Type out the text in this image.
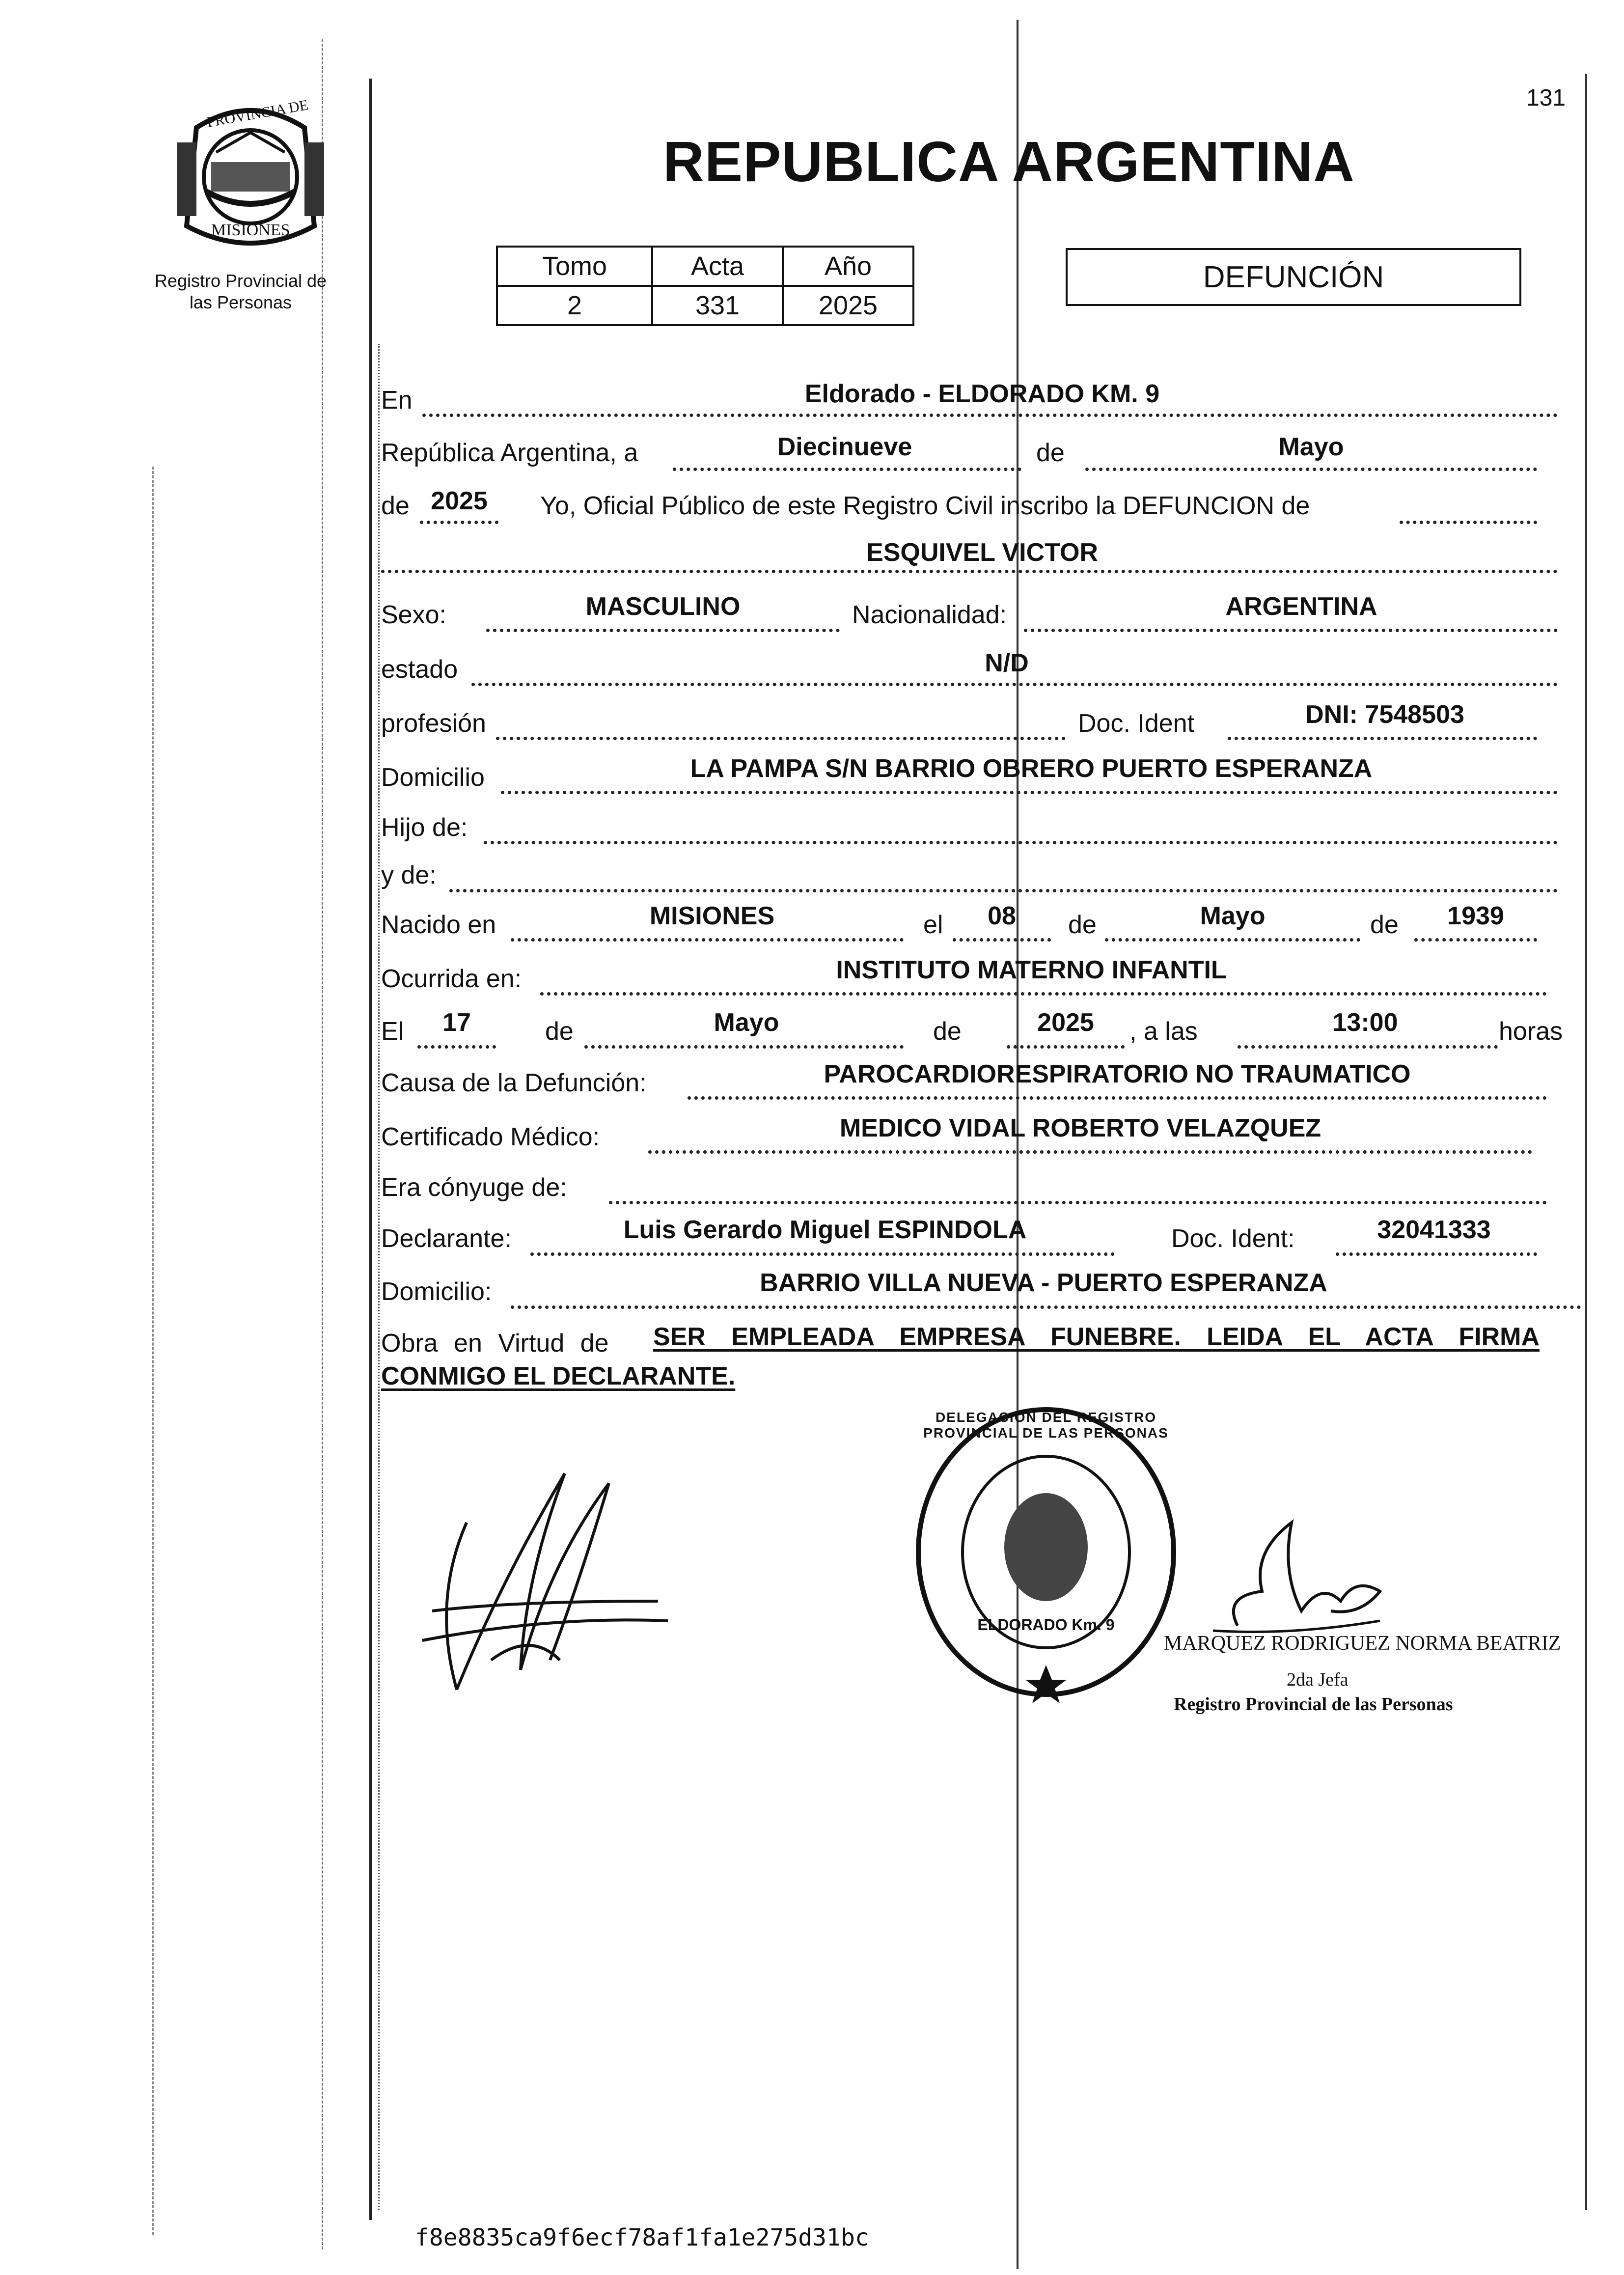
131
PROVINCIA DE
MISIONES
Registro Provincial de
las Personas
REPUBLICA ARGENTINA
Tomo	Acta	Año
2	331	2025
DEFUNCIÓN
En	Eldorado - ELDORADO KM. 9
República Argentina, a	Diecinueve	de	Mayo
de 2025	Yo, Oficial Público de este Registro Civil inscribo la DEFUNCION de
ESQUIVEL VICTOR
Sexo:	MASCULINO	Nacionalidad:	ARGENTINA
estado	N/D
profesión	Doc. Ident	DNI: 7548503
Domicilio	LA PAMPA S/N BARRIO OBRERO PUERTO ESPERANZA
Hijo de:
y de:
Nacido en	MISIONES	el	08	de	Mayo	de	1939
Ocurrida en:	INSTITUTO MATERNO INFANTIL
El	17	de	Mayo	de	2025	, a las	13:00	horas
Causa de la Defunción:	PAROCARDIORESPIRATORIO NO TRAUMATICO
Certificado Médico:	MEDICO VIDAL ROBERTO VELAZQUEZ
Era cónyuge de:
Declarante:	Luis Gerardo Miguel ESPINDOLA	Doc. Ident:	32041333
Domicilio:	BARRIO VILLA NUEVA - PUERTO ESPERANZA
Obra en Virtud de SER EMPLEADA EMPRESA FUNEBRE. LEIDA EL ACTA FIRMA
CONMIGO EL DECLARANTE.
DELEGACION DEL REGISTRO PROVINCIAL DE LAS PERSONAS
ELDORADO Km. 9
MARQUEZ RODRIGUEZ NORMA BEATRIZ
2da Jefa
Registro Provincial de las Personas
f8e8835ca9f6ecf78af1fa1e275d31bc
